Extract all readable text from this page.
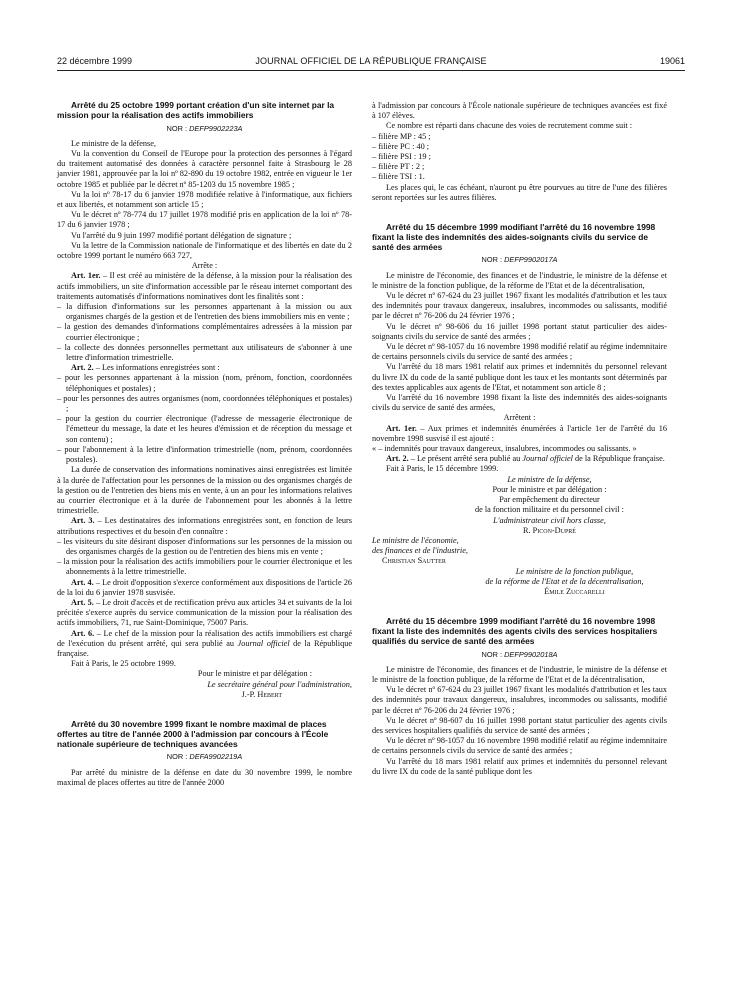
22 décembre 1999	JOURNAL OFFICIEL DE LA RÉPUBLIQUE FRANÇAISE	19061

Arrêté du 25 octobre 1999 portant création d'un site internet par la mission pour la réalisation des actifs immobiliers

NOR : DEFP9902223A

Le ministre de la défense,

Vu la convention du Conseil de l'Europe pour la protection des personnes à l'égard du traitement automatisé des données à caractère personnel faite à Strasbourg le 28 janvier 1981, approuvée par la loi nº 82-890 du 19 octobre 1982, entrée en vigueur le 1er octobre 1985 et publiée par le décret nº 85-1203 du 15 novembre 1985 ;

Vu la loi nº 78-17 du 6 janvier 1978 modifiée relative à l'informatique, aux fichiers et aux libertés, et notamment son article 15 ;

Vu le décret nº 78-774 du 17 juillet 1978 modifié pris en application de la loi nº 78-17 du 6 janvier 1978 ;

Vu l'arrêté du 9 juin 1997 modifié portant délégation de signature ;

Vu la lettre de la Commission nationale de l'informatique et des libertés en date du 2 octobre 1999 portant le numéro 663 727,

Arrête :

Art. 1er. – Il est créé au ministère de la défense, à la mission pour la réalisation des actifs immobiliers, un site d'information accessible par le réseau internet comportant des traitements automatisés d'informations nominatives dont les finalités sont :

– la diffusion d'informations sur les personnes appartenant à la mission ou aux organismes chargés de la gestion et de l'entretien des biens immobiliers mis en vente ;
– la gestion des demandes d'informations complémentaires adressées à la mission par courrier électronique ;
– la collecte des données personnelles permettant aux utilisateurs de s'abonner à une lettre d'information trimestrielle.

Art. 2. – Les informations enregistrées sont :

– pour les personnes appartenant à la mission (nom, prénom, fonction, coordonnées téléphoniques et postales) ;
– pour les personnes des autres organismes (nom, coordonnées téléphoniques et postales) ;
– pour la gestion du courrier électronique (l'adresse de messagerie électronique de l'émetteur du message, la date et les heures d'émission et de réception du message et son contenu) ;
– pour l'abonnement à la lettre d'information trimestrielle (nom, prénom, coordonnées postales).

La durée de conservation des informations nominatives ainsi enregistrées est limitée à la durée de l'affectation pour les personnes de la mission ou des organismes chargés de la gestion ou de l'entretien des biens mis en vente, à un an pour les informations relatives au courrier électronique et à la durée de l'abonnement pour les abonnés à la lettre trimestrielle.

Art. 3. – Les destinataires des informations enregistrées sont, en fonction de leurs attributions respectives et du besoin d'en connaître :

– les visiteurs du site désirant disposer d'informations sur les personnes de la mission ou des organismes chargés de la gestion ou de l'entretien des biens mis en vente ;
– la mission pour la réalisation des actifs immobiliers pour le courrier électronique et les abonnements à la lettre trimestrielle.

Art. 4. – Le droit d'opposition s'exerce conformément aux dispositions de l'article 26 de la loi du 6 janvier 1978 susvisée.

Art. 5. – Le droit d'accès et de rectification prévu aux articles 34 et suivants de la loi précitée s'exerce auprès du service communication de la mission pour la réalisation des actifs immobiliers, 71, rue Saint-Dominique, 75007 Paris.

Art. 6. – Le chef de la mission pour la réalisation des actifs immobiliers est chargé de l'exécution du présent arrêté, qui sera publié au Journal officiel de la République française.

Fait à Paris, le 25 octobre 1999.

Pour le ministre et par délégation :

Le secrétaire général pour l'administration,

J.-P. Hebert

Arrêté du 30 novembre 1999 fixant le nombre maximal de places offertes au titre de l'année 2000 à l'admission par concours à l'École nationale supérieure de techniques avancées

NOR : DEFA9902219A

Par arrêté du ministre de la défense en date du 30 novembre 1999, le nombre maximal de places offertes au titre de l'année 2000

à l'admission par concours à l'École nationale supérieure de techniques avancées est fixé à 107 élèves.

Ce nombre est réparti dans chacune des voies de recrutement comme suit :

– filière MP : 45 ;
– filière PC : 40 ;
– filière PSI : 19 ;
– filière PT : 2 ;
– filière TSI : 1.

Les places qui, le cas échéant, n'auront pu être pourvues au titre de l'une des filières seront reportées sur les autres filières.

Arrêté du 15 décembre 1999 modifiant l'arrêté du 16 novembre 1998 fixant la liste des indemnités des aides-soignants civils du service de santé des armées

NOR : DEFP9902017A

Le ministre de l'économie, des finances et de l'industrie, le ministre de la défense et le ministre de la fonction publique, de la réforme de l'Etat et de la décentralisation,

Vu le décret nº 67-624 du 23 juillet 1967 fixant les modalités d'attribution et les taux des indemnités pour travaux dangereux, insalubres, incommodes ou salissants, modifié par le décret nº 76-206 du 24 février 1976 ;

Vu le décret nº 98-606 du 16 juillet 1998 portant statut particulier des aides-soignants civils du service de santé des armées ;

Vu le décret nº 98-1057 du 16 novembre 1998 modifié relatif au régime indemnitaire de certains personnels civils du service de santé des armées ;

Vu l'arrêté du 18 mars 1981 relatif aux primes et indemnités du personnel relevant du livre IX du code de la santé publique dont les taux et les montants sont déterminés par des textes applicables aux agents de l'Etat, et notamment son article 8 ;

Vu l'arrêté du 16 novembre 1998 fixant la liste des indemnités des aides-soignants civils du service de santé des armées,

Arrêtent :

Art. 1er. – Aux primes et indemnités énumérées à l'article 1er de l'arrêté du 16 novembre 1998 susvisé il est ajouté :

« – indemnités pour travaux dangereux, insalubres, incommodes ou salissants. »

Art. 2. – Le présent arrêté sera publié au Journal officiel de la République française.

Fait à Paris, le 15 décembre 1999.

Le ministre de la défense,

Pour le ministre et par délégation :

Par empêchement du directeur

de la fonction militaire et du personnel civil :

L'administrateur civil hors classe,

R. Picon-Dupré

Le ministre de l'économie,

des finances et de l'industrie,

Christian Sautter

Le ministre de la fonction publique,

de la réforme de l'Etat et de la décentralisation,

Émile Zuccarelli

Arrêté du 15 décembre 1999 modifiant l'arrêté du 16 novembre 1998 fixant la liste des indemnités des agents civils des services hospitaliers qualifiés du service de santé des armées

NOR : DEFP9902018A

Le ministre de l'économie, des finances et de l'industrie, le ministre de la défense et le ministre de la fonction publique, de la réforme de l'Etat et de la décentralisation,

Vu le décret nº 67-624 du 23 juillet 1967 fixant les modalités d'attribution et les taux des indemnités pour travaux dangereux, insalubres, incommodes ou salissants, modifié par le décret nº 76-206 du 24 février 1976 ;

Vu le décret nº 98-607 du 16 juillet 1998 portant statut particulier des agents civils des services hospitaliers qualifiés du service de santé des armées ;

Vu le décret nº 98-1057 du 16 novembre 1998 modifié relatif au régime indemnitaire de certains personnels civils du service de santé des armées ;

Vu l'arrêté du 18 mars 1981 relatif aux primes et indemnités du personnel relevant du livre IX du code de la santé publique dont les
